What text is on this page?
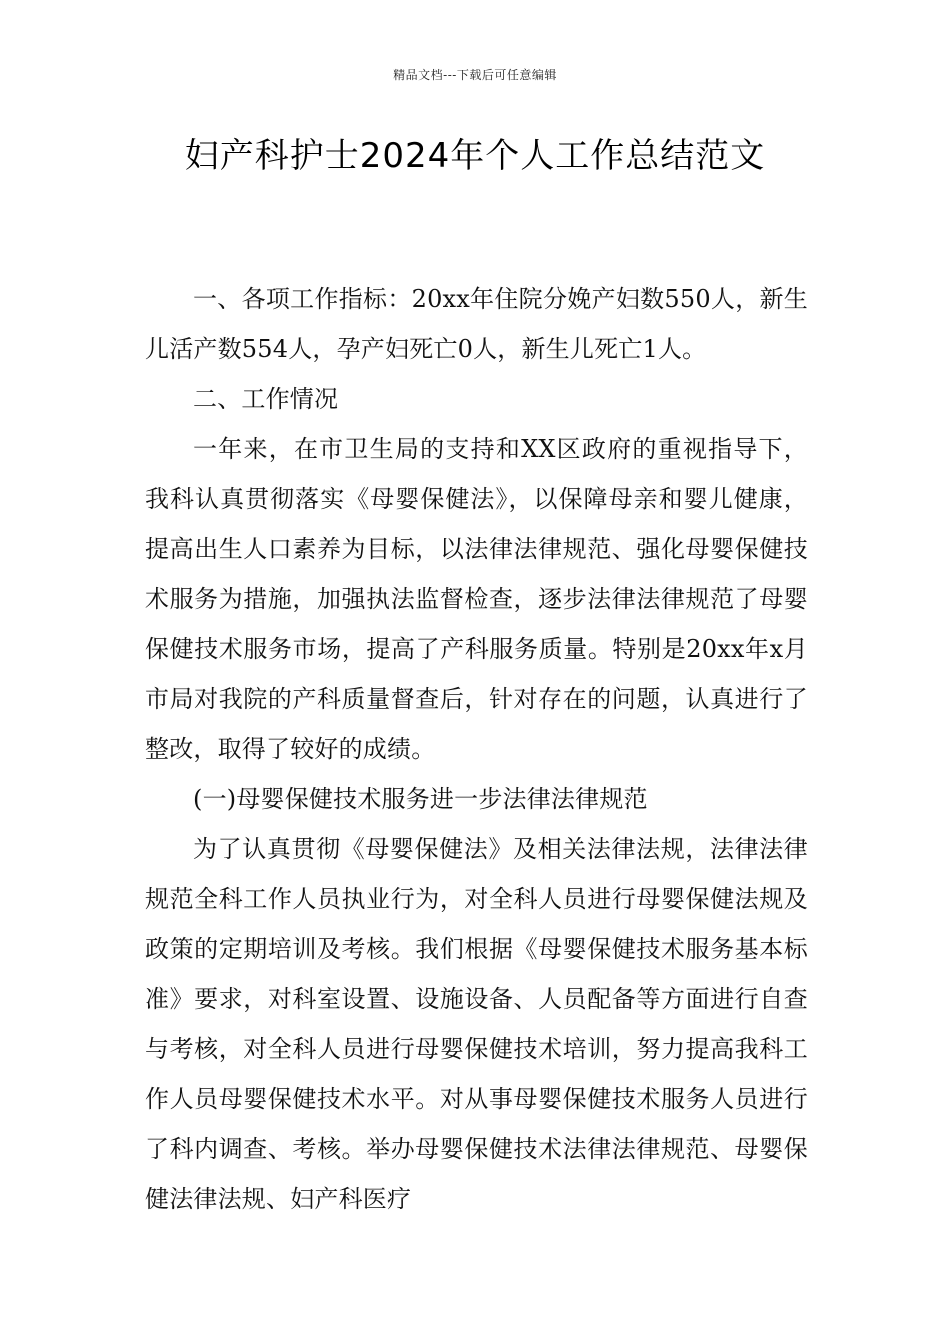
精品文档---下载后可任意编辑
妇产科护士2024年个人工作总结范文

一、各项工作指标：20xx年住院分娩产妇数550人，新生儿活产数554人，孕产妇死亡0人，新生儿死亡1人。

二、工作情况

一年来，在市卫生局的支持和XX区政府的重视指导下，我科认真贯彻落实《母婴保健法》，以保障母亲和婴儿健康，提高出生人口素养为目标，以法律法律规范、强化母婴保健技术服务为措施，加强执法监督检查，逐步法律法律规范了母婴保健技术服务市场，提高了产科服务质量。特别是20xx年x月市局对我院的产科质量督查后，针对存在的问题，认真进行了整改，取得了较好的成绩。

(一)母婴保健技术服务进一步法律法律规范

为了认真贯彻《母婴保健法》及相关法律法规，法律法律规范全科工作人员执业行为，对全科人员进行母婴保健法规及政策的定期培训及考核。我们根据《母婴保健技术服务基本标准》要求，对科室设置、设施设备、人员配备等方面进行自查与考核，对全科人员进行母婴保健技术培训，努力提高我科工作人员母婴保健技术水平。对从事母婴保健技术服务人员进行了科内调查、考核。举办母婴保健技术法律法律规范、母婴保健法律法规、妇产科医疗
